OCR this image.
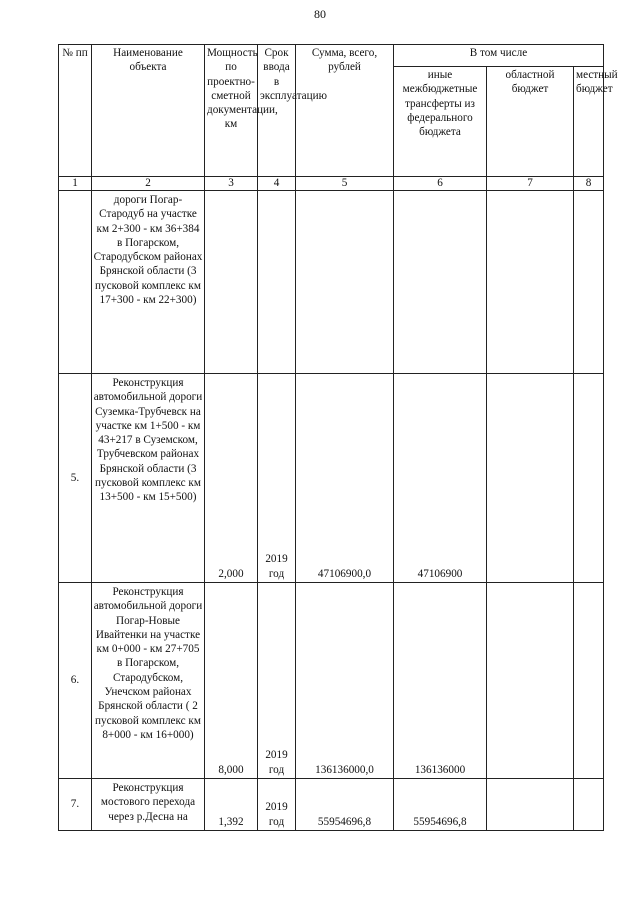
80
№ пп	Наименование объекта	Мощность по проектно-сметной документации, км	Срок ввода в эксплуатацию	Сумма, всего, рублей	В том числе		
					иные межбюджетные трансферты из федерального бюджета	областной бюджет	местный бюджет
1	2	3	4	5	6	7	8
	дороги Погар-Стародуб на участке км 2+300 - км 36+384 в Погарском, Стародубском районах Брянской области (3 пусковой комплекс км 17+300 - км 22+300)						
5.	Реконструкция автомобильной дороги Суземка-Трубчевск на участке км 1+500 - км 43+217 в Суземском, Трубчевском районах Брянской области (3 пусковой комплекс км 13+500 - км 15+500)	2,000	2019 год	47106900,0	47106900		
6.	Реконструкция автомобильной дороги Погар-Новые Ивайтенки на участке км 0+000 - км 27+705 в Погарском, Стародубском, Унечском районах Брянской области ( 2 пусковой комплекс км 8+000 - км 16+000)	8,000	2019 год	136136000,0	136136000		
7.	Реконструкция мостового перехода через р.Десна на	1,392	2019 год	55954696,8	55954696,8		
